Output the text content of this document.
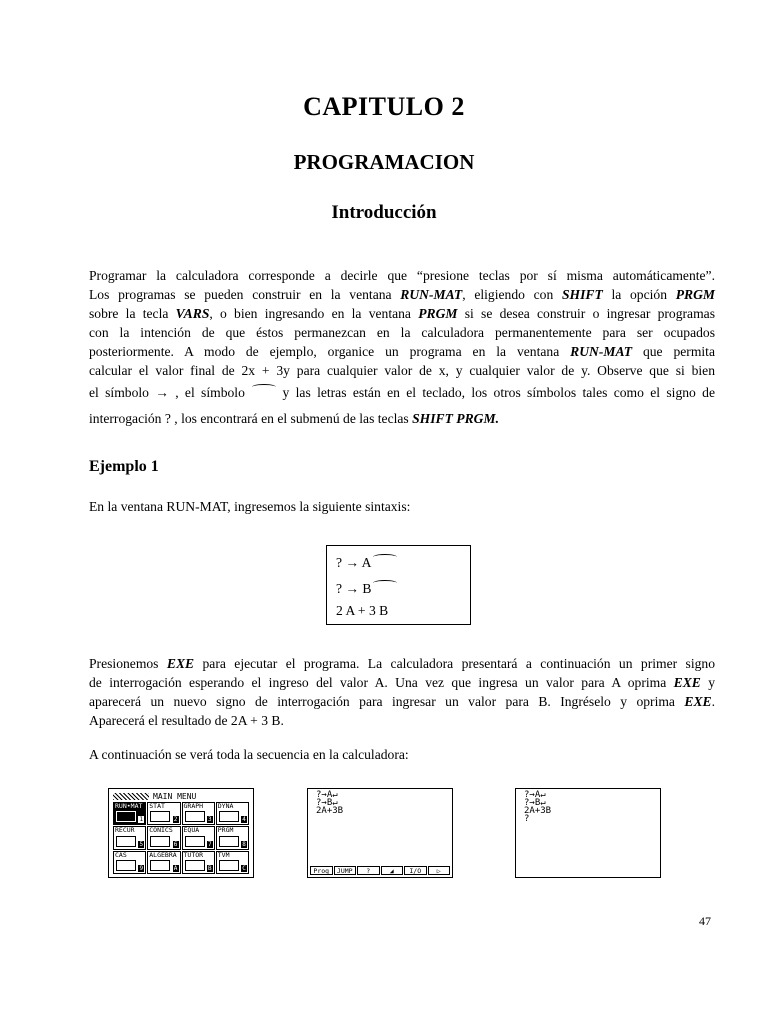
CAPITULO 2
PROGRAMACION
Introducción
Programar la calculadora corresponde a decirle que “presione teclas por sí misma automáticamente”.
Los programas se pueden construir en la ventana RUN-MAT, eligiendo con SHIFT la opción PRGM
sobre la tecla VARS, o bien ingresando en la ventana PRGM si se desea construir o ingresar programas
con la intención de que éstos permanezcan en la calculadora permanentemente para ser ocupados
posteriormente. A modo de ejemplo, organice un programa en la ventana RUN-MAT que permita
calcular el valor final de 2x + 3y para cualquier valor de x, y cualquier valor de y. Observe que si bien
el símbolo → , el símbolo  y las letras están en el teclado, los otros símbolos tales como el signo de
interrogación ? , los encontrará en el submenú de las teclas SHIFT PRGM.
Ejemplo 1
En la ventana RUN-MAT, ingresemos la siguiente sintaxis:
? → A
? → B
2 A + 3 B
Presionemos EXE para ejecutar el programa. La calculadora presentará a continuación un primer signo
de interrogación esperando el ingreso del valor A. Una vez que ingresa un valor para A oprima EXE y
aparecerá un nuevo signo de interrogación para ingresar un valor para B. Ingréselo y oprima EXE.
Aparecerá el resultado de 2A + 3 B.
A continuación se verá toda la secuencia en la calculadora:
MAIN MENU
RUN•MAT
1
STAT
2
GRAPH
3
DYNA
4
RECUR
5
CONICS
6
EQUA
7
PRGM
8
CAS
9
ALGEBRA
A
TUTOR
B
TVM
C
?→A↵
?→B↵
2A+3B
Prog	JUMP	?	◢	I/O	▷
?→A↵
?→B↵
2A+3B
?
47
